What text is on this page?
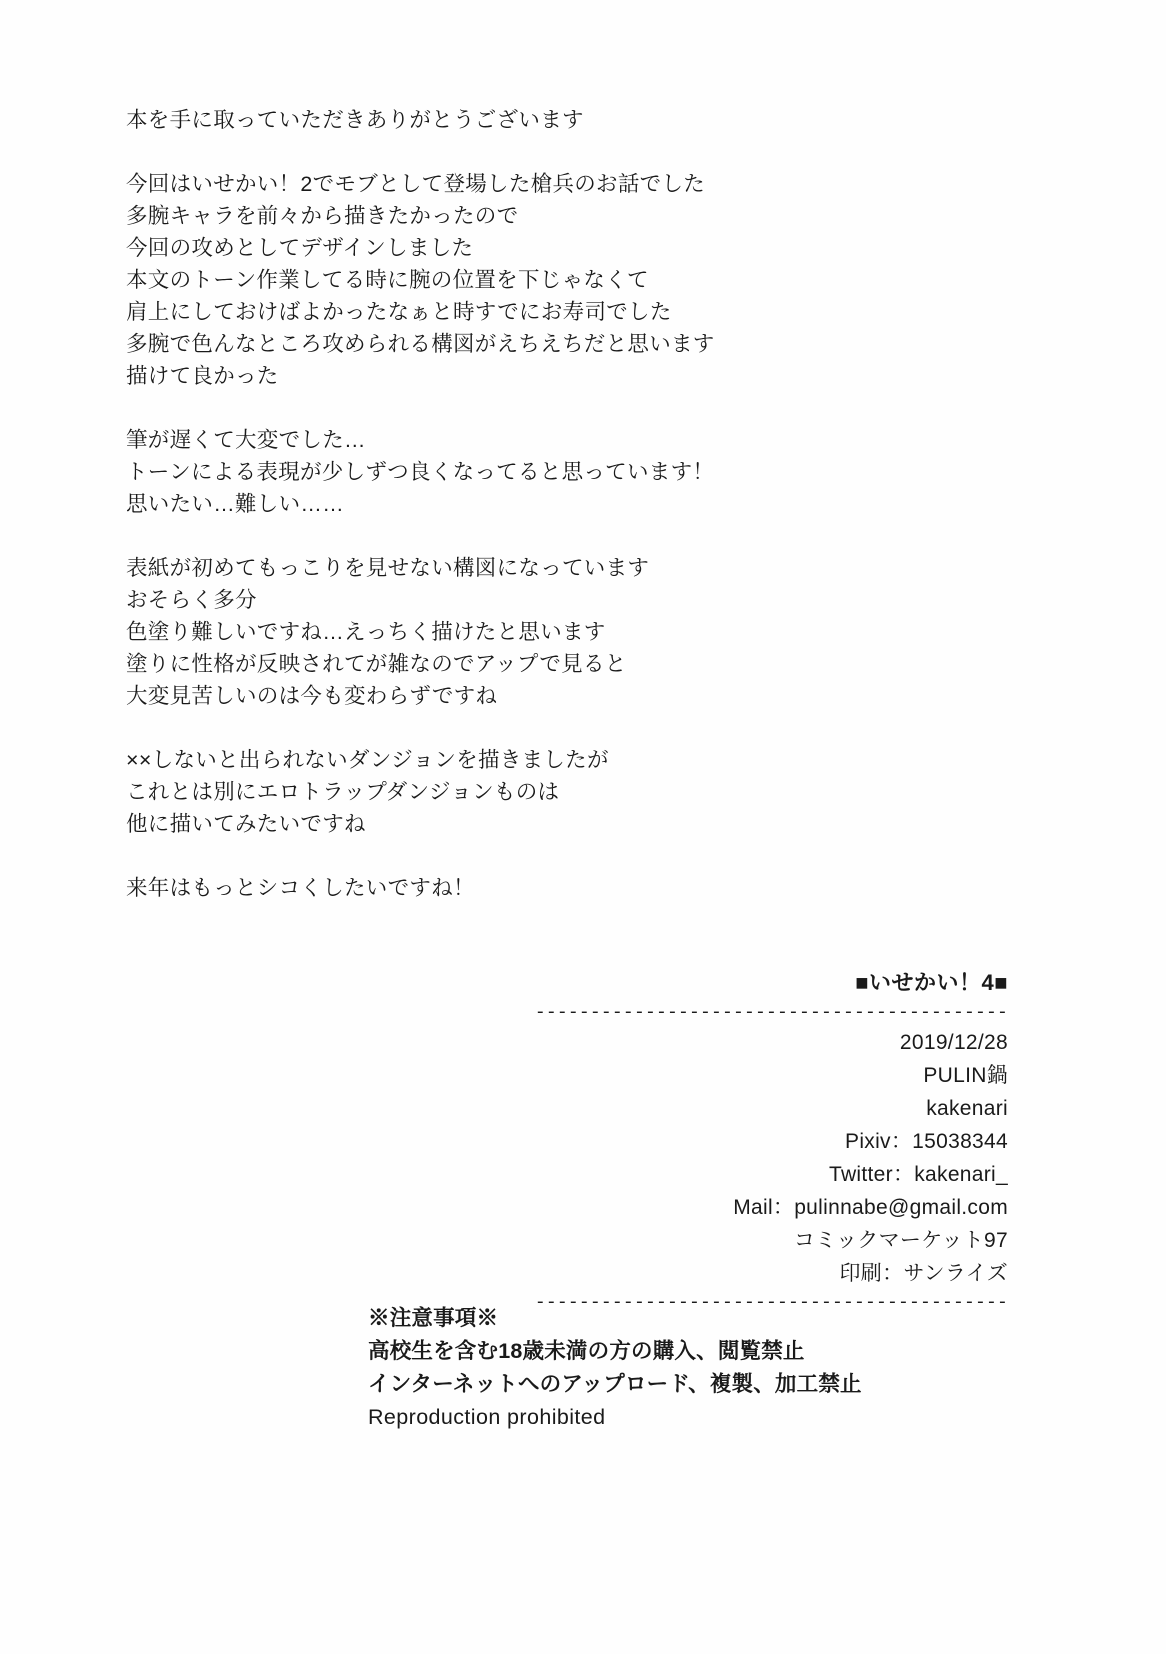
本を手に取っていただきありがとうございます
今回はいせかい！2でモブとして登場した槍兵のお話でした
多腕キャラを前々から描きたかったので
今回の攻めとしてデザインしました
本文のトーン作業してる時に腕の位置を下じゃなくて
肩上にしておけばよかったなぁと時すでにお寿司でした
多腕で色んなところ攻められる構図がえちえちだと思います
描けて良かった
筆が遅くて大変でした…
トーンによる表現が少しずつ良くなってると思っています！
思いたい…難しい……
表紙が初めてもっこりを見せない構図になっています
おそらく多分
色塗り難しいですね…えっちく描けたと思います
塗りに性格が反映されてが雑なのでアップで見ると
大変見苦しいのは今も変わらずですね
××しないと出られないダンジョンを描きましたが
これとは別にエロトラップダンジョンものは
他に描いてみたいですね
来年はもっとシコくしたいですね！
■いせかい！4■
-------------------------------------------
2019/12/28
PULIN鍋
kakenari
Pixiv：15038344
Twitter：kakenari_
Mail：pulinnabe@gmail.com
コミックマーケット97
印刷：サンライズ
-------------------------------------------
※注意事項※
高校生を含む18歳未満の方の購入、閲覧禁止
インターネットへのアップロード、複製、加工禁止
Reproduction prohibited
